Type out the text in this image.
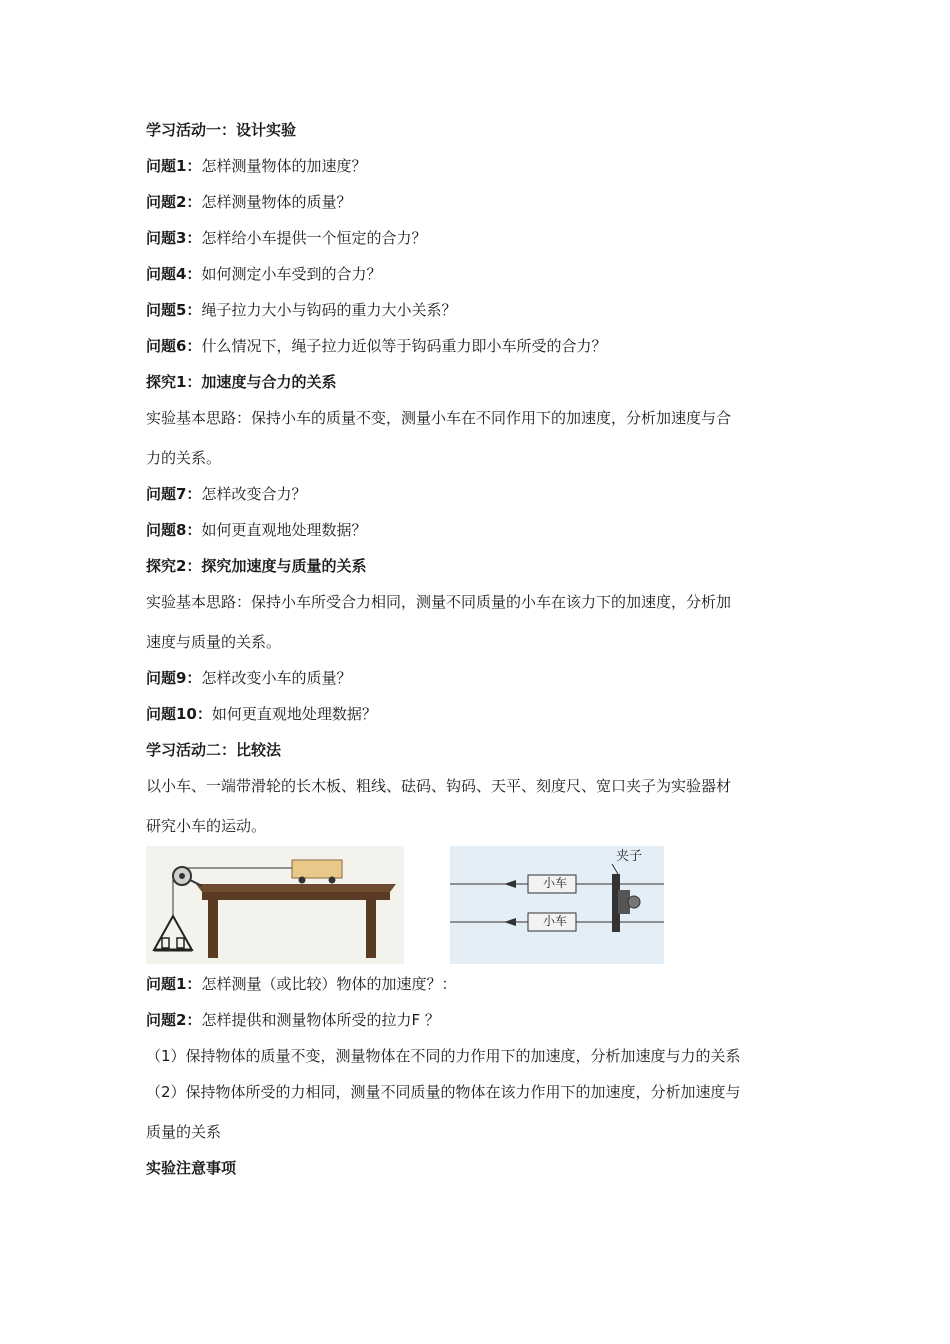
学习活动一：设计实验
问题1：怎样测量物体的加速度？
问题2：怎样测量物体的质量？
问题3：怎样给小车提供一个恒定的合力？
问题4：如何测定小车受到的合力？
问题5：绳子拉力大小与钩码的重力大小关系？
问题6：什么情况下，绳子拉力近似等于钩码重力即小车所受的合力？
探究1：加速度与合力的关系
实验基本思路：保持小车的质量不变，测量小车在不同作用下的加速度，分析加速度与合
力的关系。
问题7：怎样改变合力？
问题8：如何更直观地处理数据？
探究2：探究加速度与质量的关系
实验基本思路：保持小车所受合力相同，测量不同质量的小车在该力下的加速度，分析加
速度与质量的关系。
问题9：怎样改变小车的质量？
问题10：如何更直观地处理数据？
学习活动二：比较法
以小车、一端带滑轮的长木板、粗线、砝码、钩码、天平、刻度尺、宽口夹子为实验器材
研究小车的运动。
小车
小车
夹子
问题1：怎样测量（或比较）物体的加速度？：
问题2：怎样提供和测量物体所受的拉力F ？
（1）保持物体的质量不变，测量物体在不同的力作用下的加速度，分析加速度与力的关系
（2）保持物体所受的力相同，测量不同质量的物体在该力作用下的加速度，分析加速度与
质量的关系
实验注意事项
